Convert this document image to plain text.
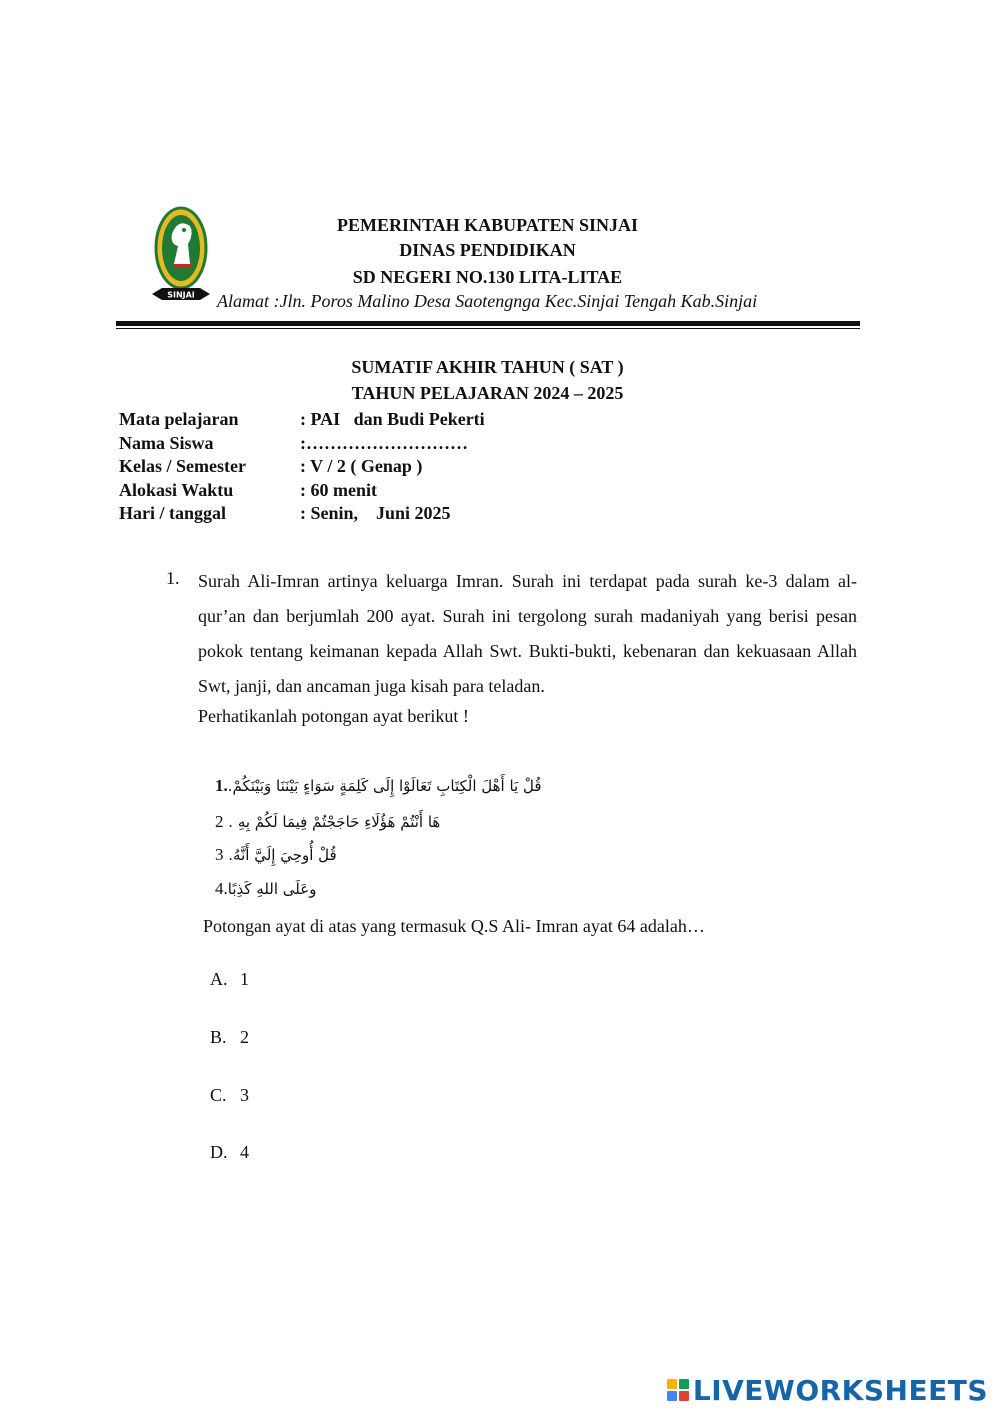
SINJAI
PEMERINTAH KABUPATEN SINJAI
DINAS PENDIDIKAN
SD NEGERI NO.130 LITA-LITAE
Alamat :Jln. Poros Malino Desa Saotengnga Kec.Sinjai Tengah Kab.Sinjai
SUMATIF AKHIR TAHUN ( SAT )
TAHUN PELAJARAN 2024 – 2025
Mata pelajaran	: PAI   dan Budi Pekerti
Nama Siswa	:………………………
Kelas / Semester	: V / 2 ( Genap )
Alokasi Waktu	: 60 menit
Hari / tanggal	: Senin,    Juni 2025
1. Surah Ali-Imran artinya keluarga Imran. Surah ini terdapat pada surah ke-3 dalam al-qur’an dan berjumlah 200 ayat. Surah ini tergolong surah madaniyah yang berisi pesan pokok tentang keimanan kepada Allah Swt. Bukti-bukti, kebenaran dan kekuasaan Allah Swt, janji, dan ancaman juga kisah para teladan.
Perhatikanlah potongan ayat berikut !
1.قُلْ يَا أَهْلَ الْكِتَابِ تَعَالَوْا إِلَى كَلِمَةٍ سَوَاءٍ بَيْنَنَا وَبَيْنَكُمْ.
2 هَا أَنْتُمْ هَؤُلَاءِ حَاجَجْتُمْ فِيمَا لَكُمْ بِهِ .
3 قُلْ أُوحِيَ إِلَيَّ أَنَّهُ.
4.وعَلَى اللهِ كَذِبًا
Potongan ayat di atas yang termasuk Q.S Ali- Imran ayat 64 adalah…
A. 1
B. 2
C. 3
D. 4
LIVEWORKSHEETS
